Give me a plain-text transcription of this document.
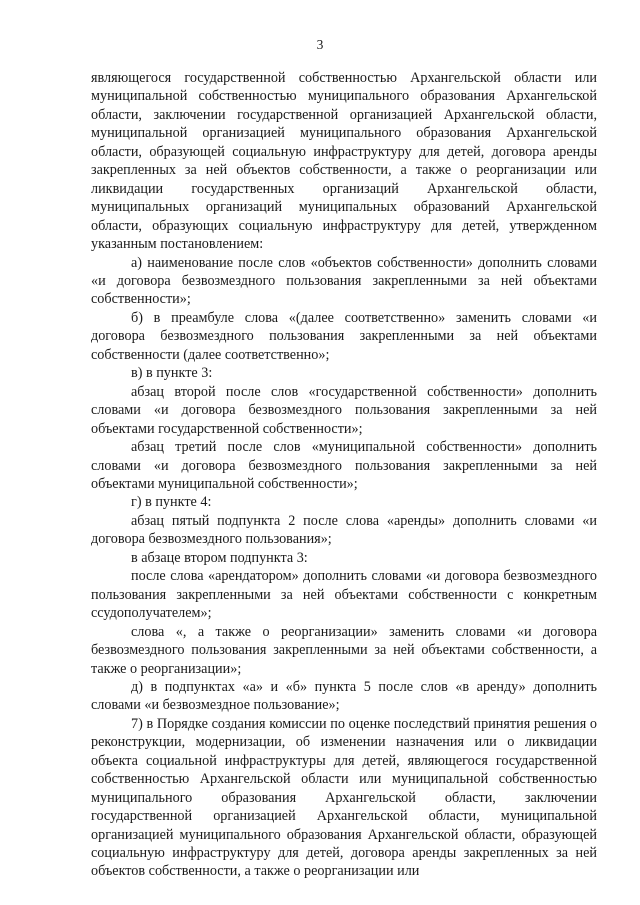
3

являющегося государственной собственностью Архангельской области или муниципальной собственностью муниципального образования Архангельской области, заключении государственной организацией Архангельской области, муниципальной организацией муниципального образования Архангельской области, образующей социальную инфраструктуру для детей, договора аренды закрепленных за ней объектов собственности, а также о реорганизации или ликвидации государственных организаций Архангельской области, муниципальных организаций муниципальных образований Архангельской области, образующих социальную инфраструктуру для детей, утвержденном указанным постановлением:

а) наименование после слов «объектов собственности» дополнить словами «и договора безвозмездного пользования закрепленными за ней объектами собственности»;

б) в преамбуле слова «(далее соответственно» заменить словами «и договора безвозмездного пользования закрепленными за ней объектами собственности (далее соответственно»;

в) в пункте 3:

абзац второй после слов «государственной собственности» дополнить словами «и договора безвозмездного пользования закрепленными за ней объектами государственной собственности»;

абзац третий после слов «муниципальной собственности» дополнить словами «и договора безвозмездного пользования закрепленными за ней объектами муниципальной собственности»;

г) в пункте 4:

абзац пятый подпункта 2 после слова «аренды» дополнить словами «и договора безвозмездного пользования»;

в абзаце втором подпункта 3:

после слова «арендатором» дополнить словами «и договора безвозмездного пользования закрепленными за ней объектами собственности с конкретным ссудополучателем»;

слова «, а также о реорганизации» заменить словами «и договора безвозмездного пользования закрепленными за ней объектами собственности, а также о реорганизации»;

д) в подпунктах «а» и «б» пункта 5 после слов «в аренду» дополнить словами «и безвозмездное пользование»;

7) в Порядке создания комиссии по оценке последствий принятия решения о реконструкции, модернизации, об изменении назначения или о ликвидации объекта социальной инфраструктуры для детей, являющегося государственной собственностью Архангельской области или муниципальной собственностью муниципального образования Архангельской области, заключении государственной организацией Архангельской области, муниципальной организацией муниципального образования Архангельской области, образующей социальную инфраструктуру для детей, договора аренды закрепленных за ней объектов собственности, а также о реорганизации или
